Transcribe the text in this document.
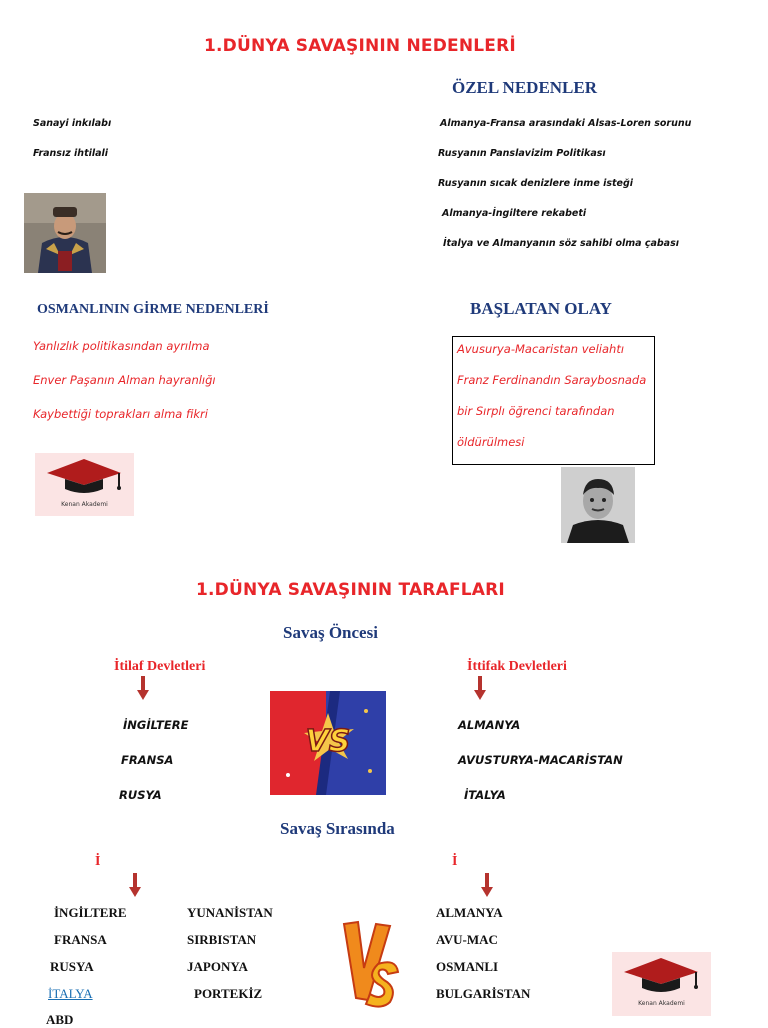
1.DÜNYA SAVAŞININ NEDENLERİ
ÖZEL NEDENLER
Sanayi inkılabı
Fransız ihtilali
Almanya-Fransa arasındaki Alsas-Loren sorunu
Rusyanın Panslavizim Politikası
Rusyanın sıcak denizlere inme isteği
Almanya-İngiltere rekabeti
İtalya ve Almanyanın söz sahibi olma çabası
OSMANLININ GİRME NEDENLERİ	BAŞLATAN OLAY
Yanlızlık politikasından ayrılma
Enver Paşanın Alman hayranlığı
Kaybettiği toprakları alma fikri
Avusurya-Macaristan veliahtı
Franz Ferdinandın Saraybosnada
bir Sırplı öğrenci tarafından
öldürülmesi
Kenan Akademi
1.DÜNYA SAVAŞININ TARAFLARI
Savaş Öncesi
İtilaf Devletleri	İttifak Devletleri
İNGİLTERE
FRANSA
RUSYA
ALMANYA
AVUSTURYA-MACARİSTAN
İTALYA
VS
Savaş Sırasında
İ	İ
İNGİLTERE
FRANSA
RUSYA
İTALYA
ABD
YUNANİSTAN
SIRBISTAN
JAPONYA
PORTEKİZ
ALMANYA
AVU-MAC
OSMANLI
BULGARİSTAN
Kenan Akademi
